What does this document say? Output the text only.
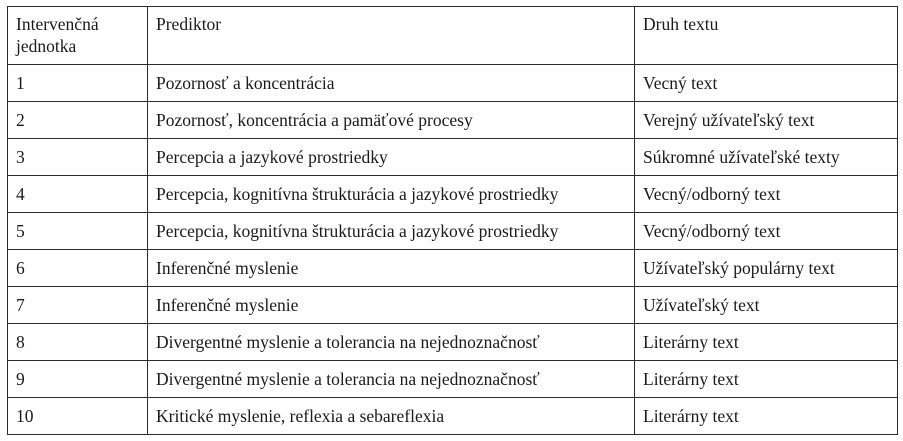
Intervenčná jednotka	Prediktor	Druh textu
1	Pozornosť a koncentrácia	Vecný text
2	Pozornosť, koncentrácia a pamäťové procesy	Verejný užívateľský text
3	Percepcia a jazykové prostriedky	Súkromné užívateľské texty
4	Percepcia, kognitívna štrukturácia a jazykové prostriedky	Vecný/odborný text
5	Percepcia, kognitívna štrukturácia a jazykové prostriedky	Vecný/odborný text
6	Inferenčné myslenie	Užívateľský populárny text
7	Inferenčné myslenie	Užívateľský text
8	Divergentné myslenie a tolerancia na nejednoznačnosť	Literárny text
9	Divergentné myslenie a tolerancia na nejednoznačnosť	Literárny text
10	Kritické myslenie, reflexia a sebareflexia	Literárny text
